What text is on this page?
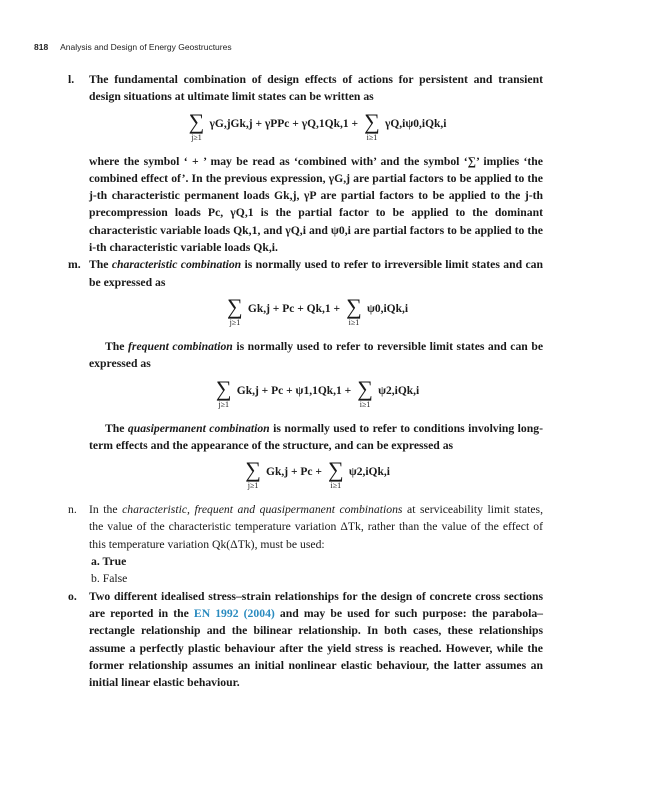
818 Analysis and Design of Energy Geostructures
l. The fundamental combination of design effects of actions for persistent and transient design situations at ultimate limit states can be written as

∑
j≥1
γG,jGk,j + γPPc + γQ,1Qk,1 + ∑
i≥1
γQ,iψ0,iQk,i

where the symbol ‘ + ’ may be read as ‘combined with’ and the symbol ‘∑’ implies ‘the combined effect of’. In the previous expression, γG,j are partial factors to be applied to the j-th characteristic permanent loads Gk,j, γP are partial factors to be applied to the j-th precompression loads Pc, γQ,1 is the partial factor to be applied to the dominant characteristic variable loads Qk,1, and γQ,i and ψ0,i are partial factors to be applied to the i-th characteristic variable loads Qk,i.

m. The characteristic combination is normally used to refer to irreversible limit states and can be expressed as

∑
j≥1
Gk,j + Pc + Qk,1 + ∑
i≥1
ψ0,iQk,i

The frequent combination is normally used to refer to reversible limit states and can be expressed as

∑
j≥1
Gk,j + Pc + ψ1,1Qk,1 + ∑
i≥1
ψ2,iQk,i

The quasipermanent combination is normally used to refer to conditions involving long-term effects and the appearance of the structure, and can be expressed as

∑
j≥1
Gk,j + Pc + ∑
i≥1
ψ2,iQk,i
n. In the characteristic, frequent and quasipermanent combinations at serviceability limit states, the value of the characteristic temperature variation ΔTk, rather than the value of the effect of this temperature variation Qk(ΔTk), must be used:

a. True
b. False
o. Two different idealised stress–strain relationships for the design of concrete cross sections are reported in the EN 1992 (2004) and may be used for such purpose: the parabola–rectangle relationship and the bilinear relationship. In both cases, these relationships assume a perfectly plastic behaviour after the yield stress is reached. However, while the former relationship assumes an initial nonlinear elastic behaviour, the latter assumes an initial linear elastic behaviour.
